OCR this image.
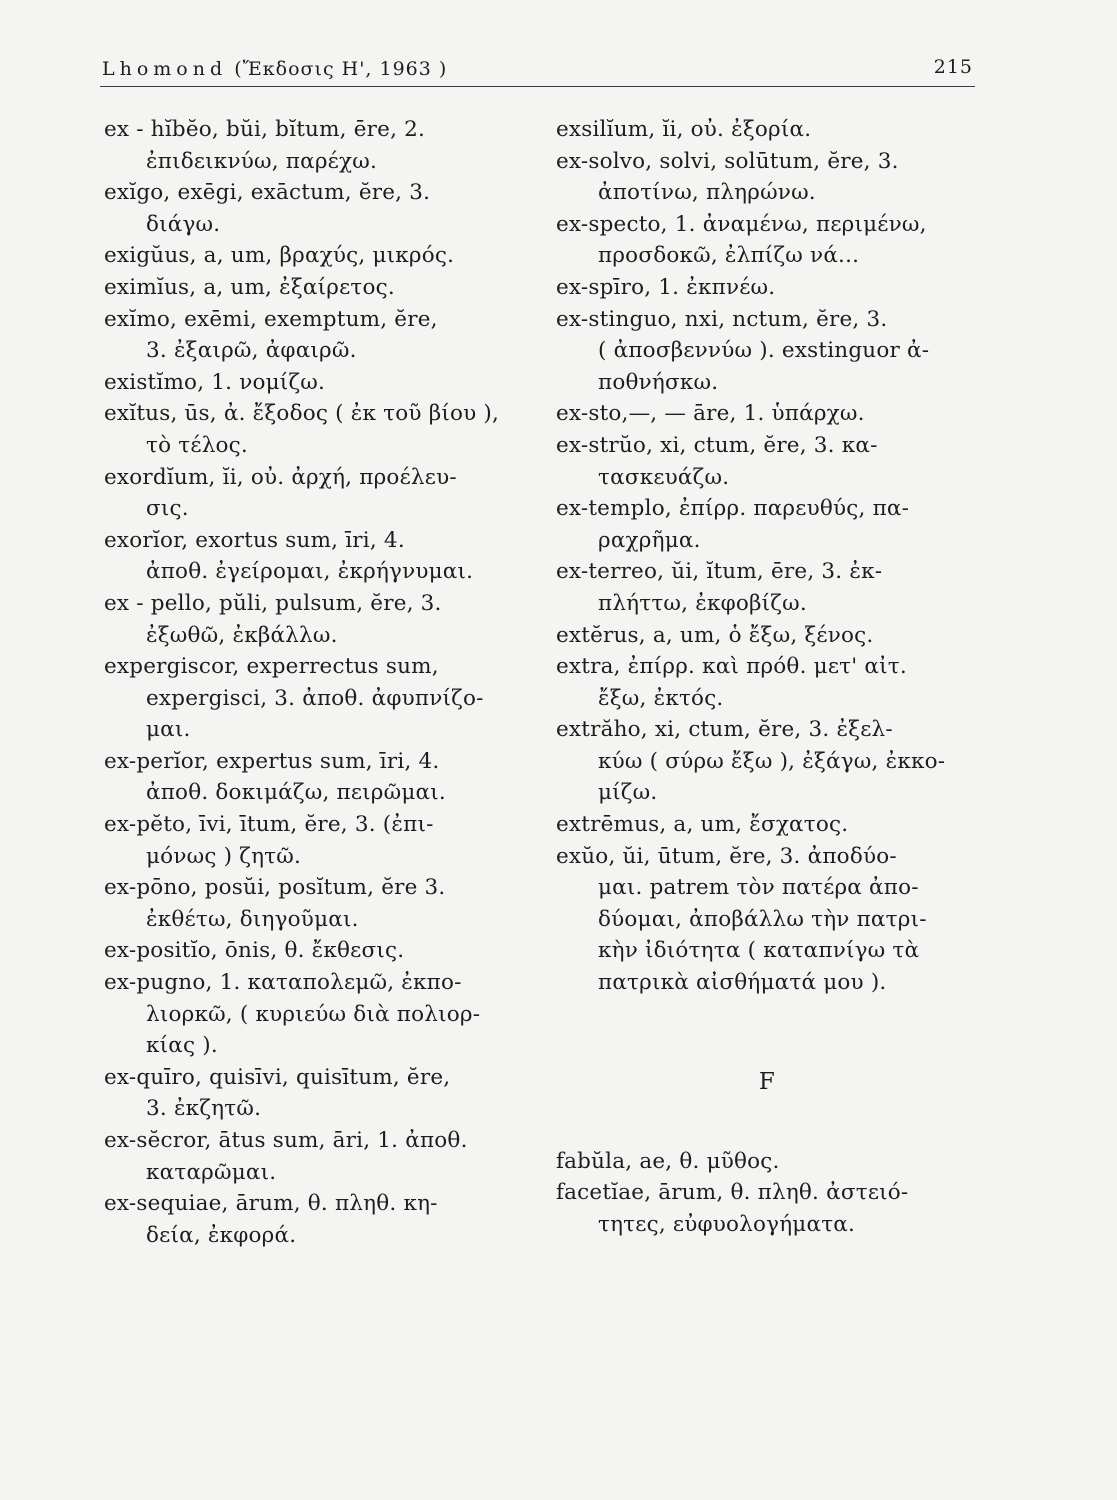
Lhomond (Ἔκδοσις Η', 1963 )	215
ex - hĭbĕo, bŭi, bĭtum, ēre, 2.
ἐπιδεικνύω, παρέχω.
exĭgo, exēgi, exāctum, ĕre, 3.
διάγω.
exigŭus, a, um, βραχύς, μικρός.
eximĭus, a, um, ἐξαίρετος.
exĭmo, exēmi, exemptum, ĕre,
3. ἐξαιρῶ, ἀφαιρῶ.
existĭmo, 1. νομίζω.
exĭtus, ūs, ἀ. ἔξοδος ( ἐκ τοῦ βίου ),
τὸ τέλος.
exordĭum, ĭi, οὐ. ἀρχή, προέλευ-
σις.
exorĭor, exortus sum, īri, 4.
ἀποθ. ἐγείρομαι, ἐκρήγνυμαι.
ex - pello, pŭli, pulsum, ĕre, 3.
ἐξωθῶ, ἐκβάλλω.
expergiscor, experrectus sum,
expergisci, 3. ἀποθ. ἀφυπνίζο-
μαι.
ex-perĭor, expertus sum, īri, 4.
ἀποθ. δοκιμάζω, πειρῶμαι.
ex-pĕto, īvi, ītum, ĕre, 3. (ἐπι-
μόνως ) ζητῶ.
ex-pōno, posŭi, posĭtum, ĕre 3.
ἐκθέτω, διηγοῦμαι.
ex-positĭo, ōnis, θ. ἔκθεσις.
ex-pugno, 1. καταπολεμῶ, ἐκπο-
λιορκῶ, ( κυριεύω διὰ πολιορ-
κίας ).
ex-quīro, quisīvi, quisītum, ĕre,
3. ἐκζητῶ.
ex-sĕcror, ātus sum, āri, 1. ἀποθ.
καταρῶμαι.
ex-sequiae, ārum, θ. πληθ. κη-
δεία, ἐκφορά.
exsilĭum, ĭi, οὐ. ἐξορία.
ex-solvo, solvi, solūtum, ĕre, 3.
ἀποτίνω, πληρώνω.
ex-specto, 1. ἀναμένω, περιμένω,
προσδοκῶ, ἐλπίζω νά...
ex-spīro, 1. ἐκπνέω.
ex-stinguo, nxi, nctum, ĕre, 3.
( ἀποσβεννύω ). exstinguor ἀ-
ποθνήσκω.
ex-sto,—, — āre, 1. ὑπάρχω.
ex-strŭo, xi, ctum, ĕre, 3. κα-
τασκευάζω.
ex-templo, ἐπίρρ. παρευθύς, πα-
ραχρῆμα.
ex-terreo, ŭi, ĭtum, ēre, 3. ἐκ-
πλήττω, ἐκφοβίζω.
extĕrus, a, um, ὁ ἔξω, ξένος.
extra, ἐπίρρ. καὶ πρόθ. μετ' αἰτ.
ἔξω, ἐκτός.
extrăho, xi, ctum, ĕre, 3. ἐξελ-
κύω ( σύρω ἔξω ), ἐξάγω, ἐκκο-
μίζω.
extrēmus, a, um, ἔσχατος.
exŭo, ŭi, ūtum, ĕre, 3. ἀποδύο-
μαι. patrem τὸν πατέρα ἀπο-
δύομαι, ἀποβάλλω τὴν πατρι-
κὴν ἰδιότητα ( καταπνίγω τὰ
πατρικὰ αἰσθήματά μου ).
F
fabŭla, ae, θ. μῦθος.
facetĭae, ārum, θ. πληθ. ἀστειό-
τητες, εὐφυολογήματα.
